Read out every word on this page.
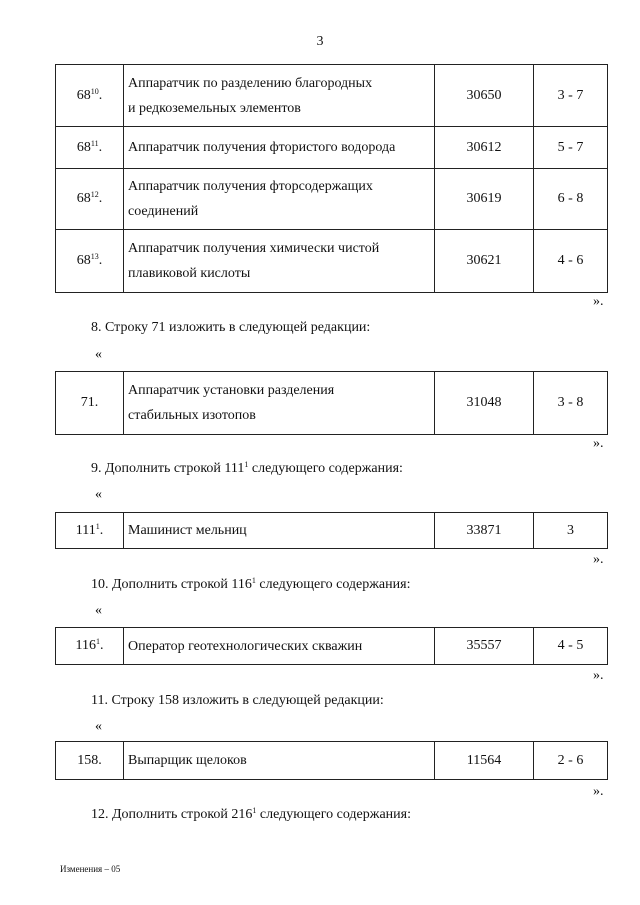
3
$68^{10}$.	Аппаратчик по разделению благородных
и редкоземельных элементов	30650	3 - 7
$68^{11}$.	Аппаратчик получения фтористого водорода	30612	5 - 7
$68^{12}$.	Аппаратчик получения фторсодержащих
соединений	30619	6 - 8
$68^{13}$.	Аппаратчик получения химически чистой
плавиковой кислоты	30621	4 - 6
».
8. Строку 71 изложить в следующей редакции:
«
71.	Аппаратчик установки разделения
стабильных изотопов	31048	3 - 8
».
9. Дополнить строкой $111^1$ следующего содержания:
«
$111^1$.	Машинист мельниц	33871	3
».
10. Дополнить строкой $116^1$ следующего содержания:
«
$116^1$.	Оператор геотехнологических скважин	35557	4 - 5
».
11. Строку 158 изложить в следующей редакции:
«
158.	Выпарщик щелоков	11564	2 - 6
».
12. Дополнить строкой $216^1$ следующего содержания:
Изменения – 05
